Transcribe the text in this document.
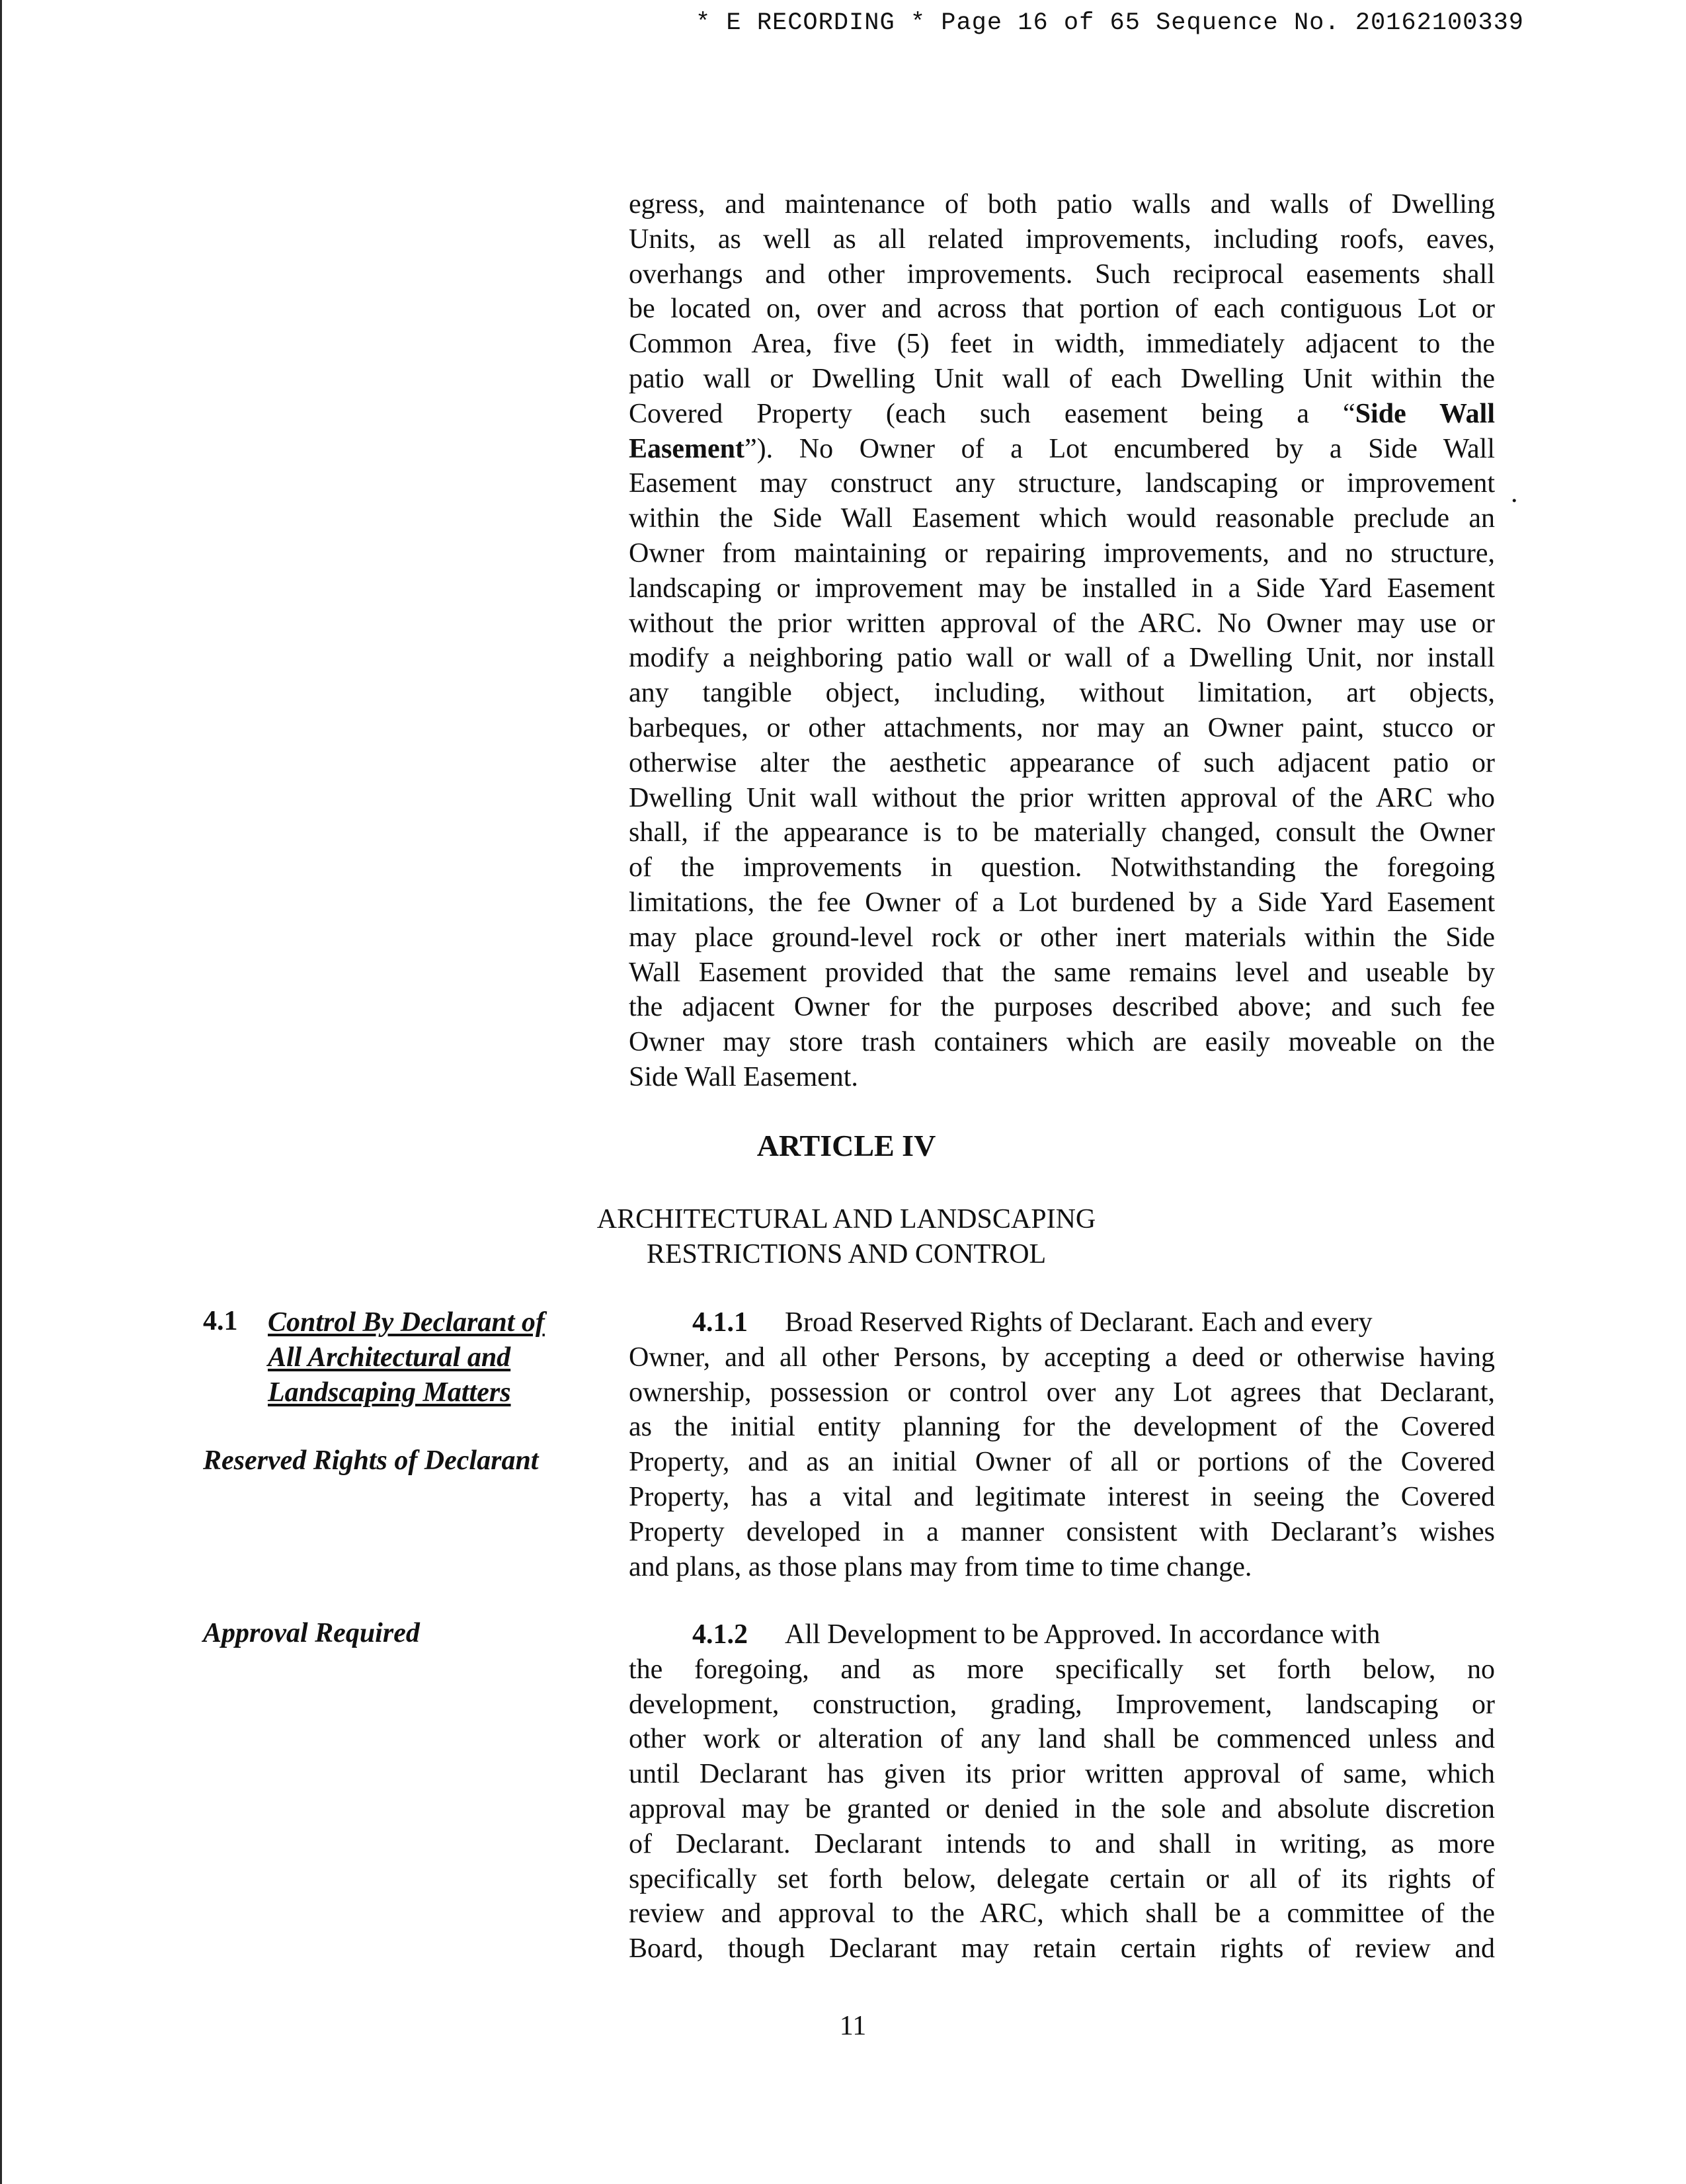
* E RECORDING * Page 16 of 65 Sequence No. 20162100339
egress, and maintenance of both patio walls and walls of Dwelling
Units, as well as all related improvements, including roofs, eaves,
overhangs and other improvements. Such reciprocal easements shall
be located on, over and across that portion of each contiguous Lot or
Common Area, five (5) feet in width, immediately adjacent to the
patio wall or Dwelling Unit wall of each Dwelling Unit within the
Covered Property (each such easement being a “Side Wall
Easement”). No Owner of a Lot encumbered by a Side Wall
Easement may construct any structure, landscaping or improvement
within the Side Wall Easement which would reasonable preclude an
Owner from maintaining or repairing improvements, and no structure,
landscaping or improvement may be installed in a Side Yard Easement
without the prior written approval of the ARC. No Owner may use or
modify a neighboring patio wall or wall of a Dwelling Unit, nor install
any tangible object, including, without limitation, art objects,
barbeques, or other attachments, nor may an Owner paint, stucco or
otherwise alter the aesthetic appearance of such adjacent patio or
Dwelling Unit wall without the prior written approval of the ARC who
shall, if the appearance is to be materially changed, consult the Owner
of the improvements in question. Notwithstanding the foregoing
limitations, the fee Owner of a Lot burdened by a Side Yard Easement
may place ground-level rock or other inert materials within the Side
Wall Easement provided that the same remains level and useable by
the adjacent Owner for the purposes described above; and such fee
Owner may store trash containers which are easily moveable on the
Side Wall Easement.
.
ARTICLE IV
ARCHITECTURAL AND LANDSCAPING
RESTRICTIONS AND CONTROL
4.1 Control By Declarant of
All Architectural and
Landscaping Matters
Reserved Rights of Declarant
Approval Required
4.1.1 Broad Reserved Rights of Declarant. Each and every
Owner, and all other Persons, by accepting a deed or otherwise having
ownership, possession or control over any Lot agrees that Declarant,
as the initial entity planning for the development of the Covered
Property, and as an initial Owner of all or portions of the Covered
Property, has a vital and legitimate interest in seeing the Covered
Property developed in a manner consistent with Declarant’s wishes
and plans, as those plans may from time to time change.
4.1.2 All Development to be Approved. In accordance with
the foregoing, and as more specifically set forth below, no
development, construction, grading, Improvement, landscaping or
other work or alteration of any land shall be commenced unless and
until Declarant has given its prior written approval of same, which
approval may be granted or denied in the sole and absolute discretion
of Declarant. Declarant intends to and shall in writing, as more
specifically set forth below, delegate certain or all of its rights of
review and approval to the ARC, which shall be a committee of the
Board, though Declarant may retain certain rights of review and
11
